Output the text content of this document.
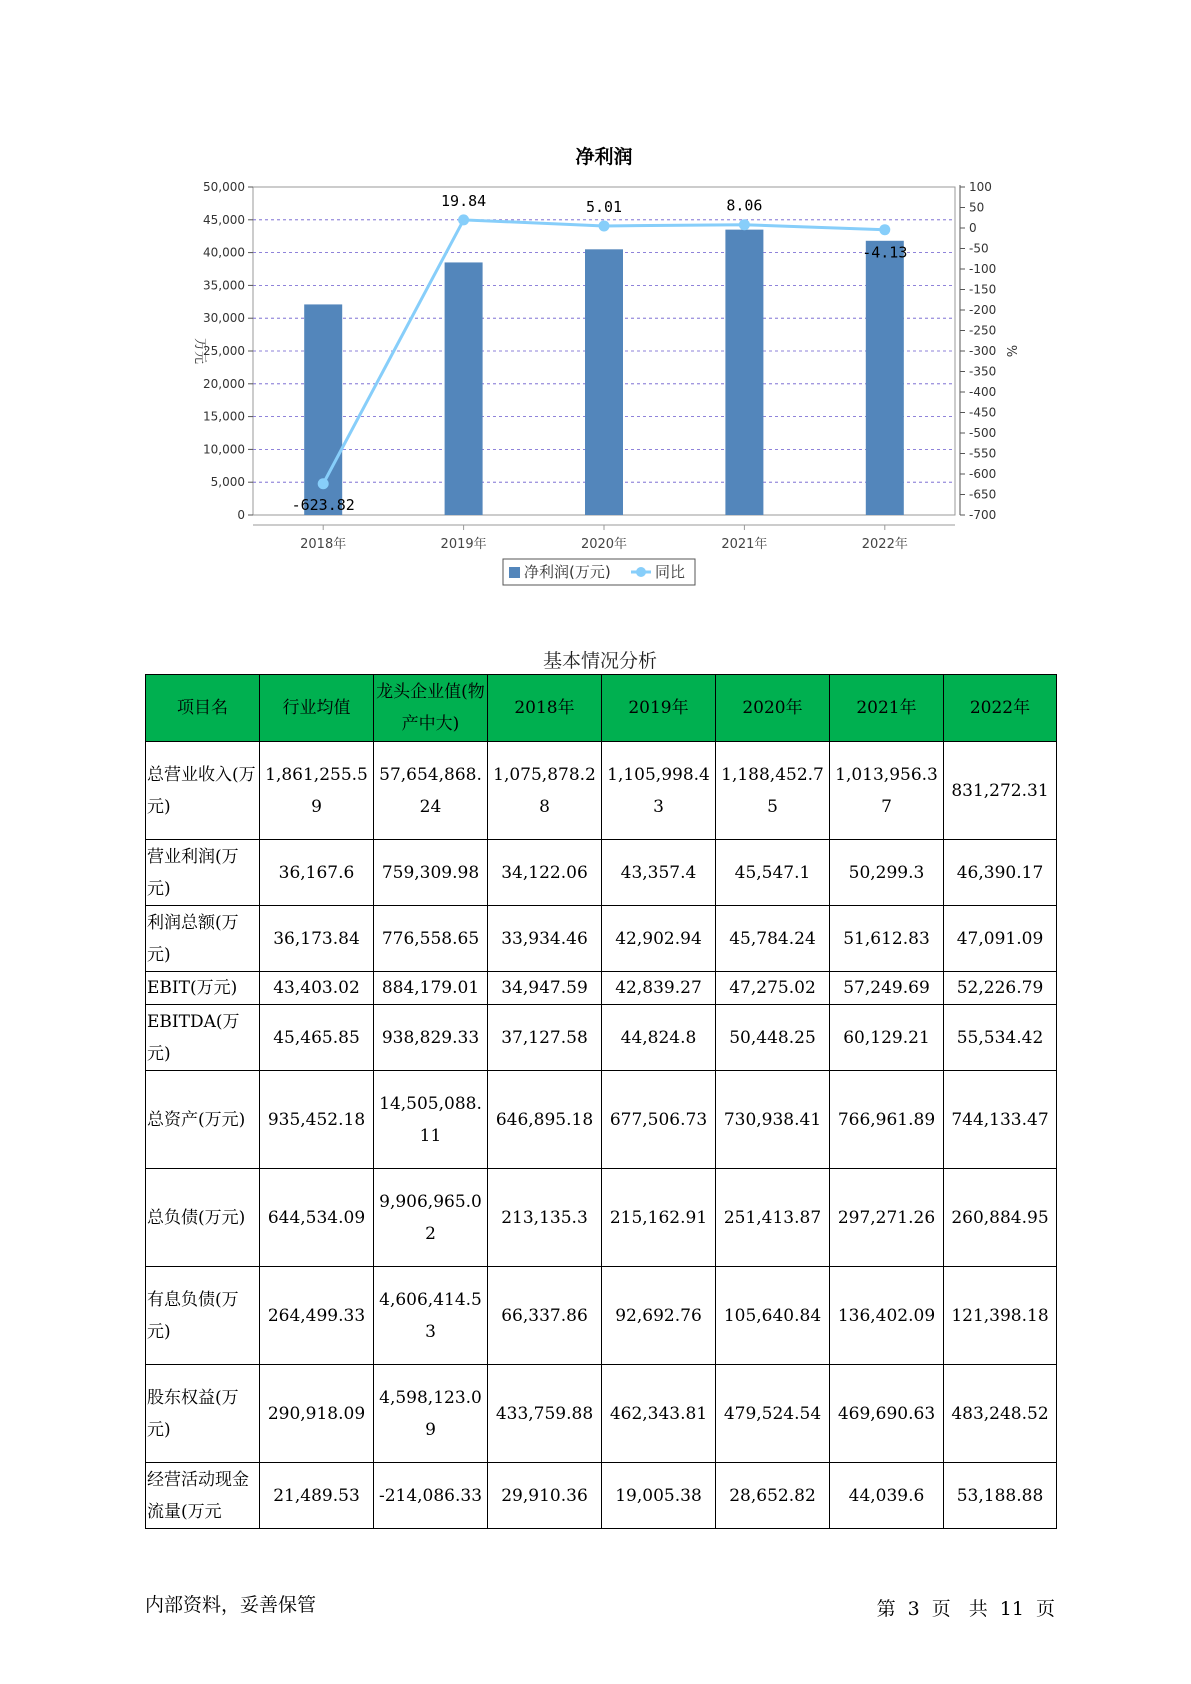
净利润
0
5,000
10,000
15,000
20,000
25,000
30,000
35,000
40,000
45,000
50,000
-700
-650
-600
-550
-500
-450
-400
-350
-300
-250
-200
-150
-100
-50
0
50
100
万元	%
2018年	2019年	2020年	2021年	2022年
-623.82
19.84	5.01	8.06
-4.13
净利润(万元)	同比
基本情况分析
项目名	行业均值	龙头企业值(物产中大)	2018年	2019年	2020年	2021年	2022年
总营业收入(万元)	1,861,255.59	57,654,868.24	1,075,878.28	1,105,998.43	1,188,452.75	1,013,956.37	831,272.31
营业利润(万元)	36,167.6	759,309.98	34,122.06	43,357.4	45,547.1	50,299.3	46,390.17
利润总额(万元)	36,173.84	776,558.65	33,934.46	42,902.94	45,784.24	51,612.83	47,091.09
EBIT(万元)	43,403.02	884,179.01	34,947.59	42,839.27	47,275.02	57,249.69	52,226.79
EBITDA(万元)	45,465.85	938,829.33	37,127.58	44,824.8	50,448.25	60,129.21	55,534.42
总资产(万元)	935,452.18	14,505,088.11	646,895.18	677,506.73	730,938.41	766,961.89	744,133.47
总负债(万元)	644,534.09	9,906,965.02	213,135.3	215,162.91	251,413.87	297,271.26	260,884.95
有息负债(万元)	264,499.33	4,606,414.53	66,337.86	92,692.76	105,640.84	136,402.09	121,398.18
股东权益(万元)	290,918.09	4,598,123.09	433,759.88	462,343.81	479,524.54	469,690.63	483,248.52
经营活动现金流量(万元	21,489.53	-214,086.33	29,910.36	19,005.38	28,652.82	44,039.6	53,188.88
内部资料，妥善保管	第 3 页 共 11 页
